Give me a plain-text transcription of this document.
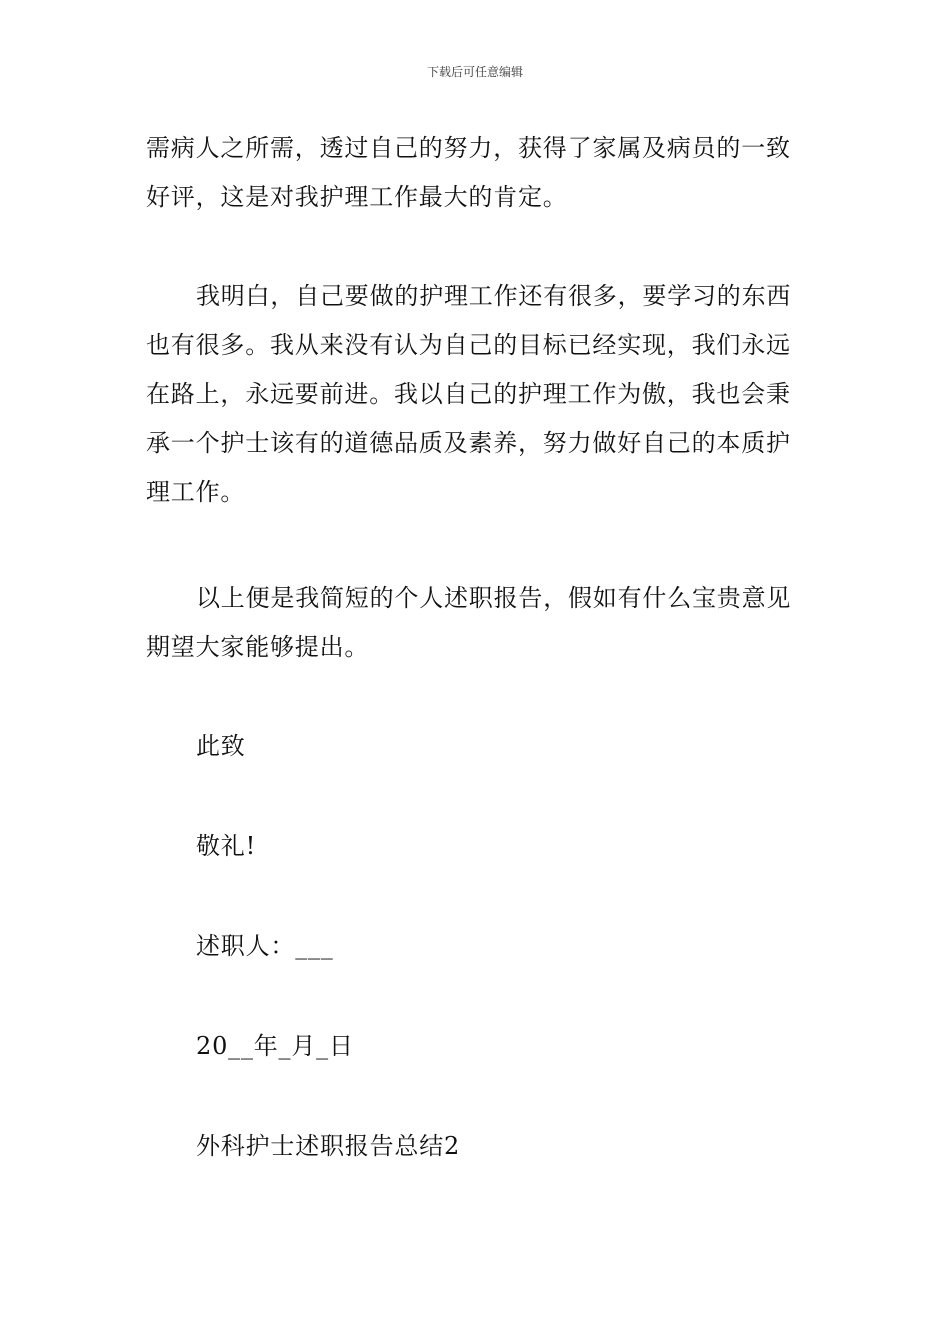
下载后可任意编辑

需病人之所需，透过自己的努力，获得了家属及病员的一致好评，这是对我护理工作最大的肯定。

我明白，自己要做的护理工作还有很多，要学习的东西也有很多。我从来没有认为自己的目标已经实现，我们永远在路上，永远要前进。我以自己的护理工作为傲，我也会秉承一个护士该有的道德品质及素养，努力做好自己的本质护理工作。

以上便是我简短的个人述职报告，假如有什么宝贵意见期望大家能够提出。

此致

敬礼!

述职人：___

20__年_月_日

外科护士述职报告总结2
